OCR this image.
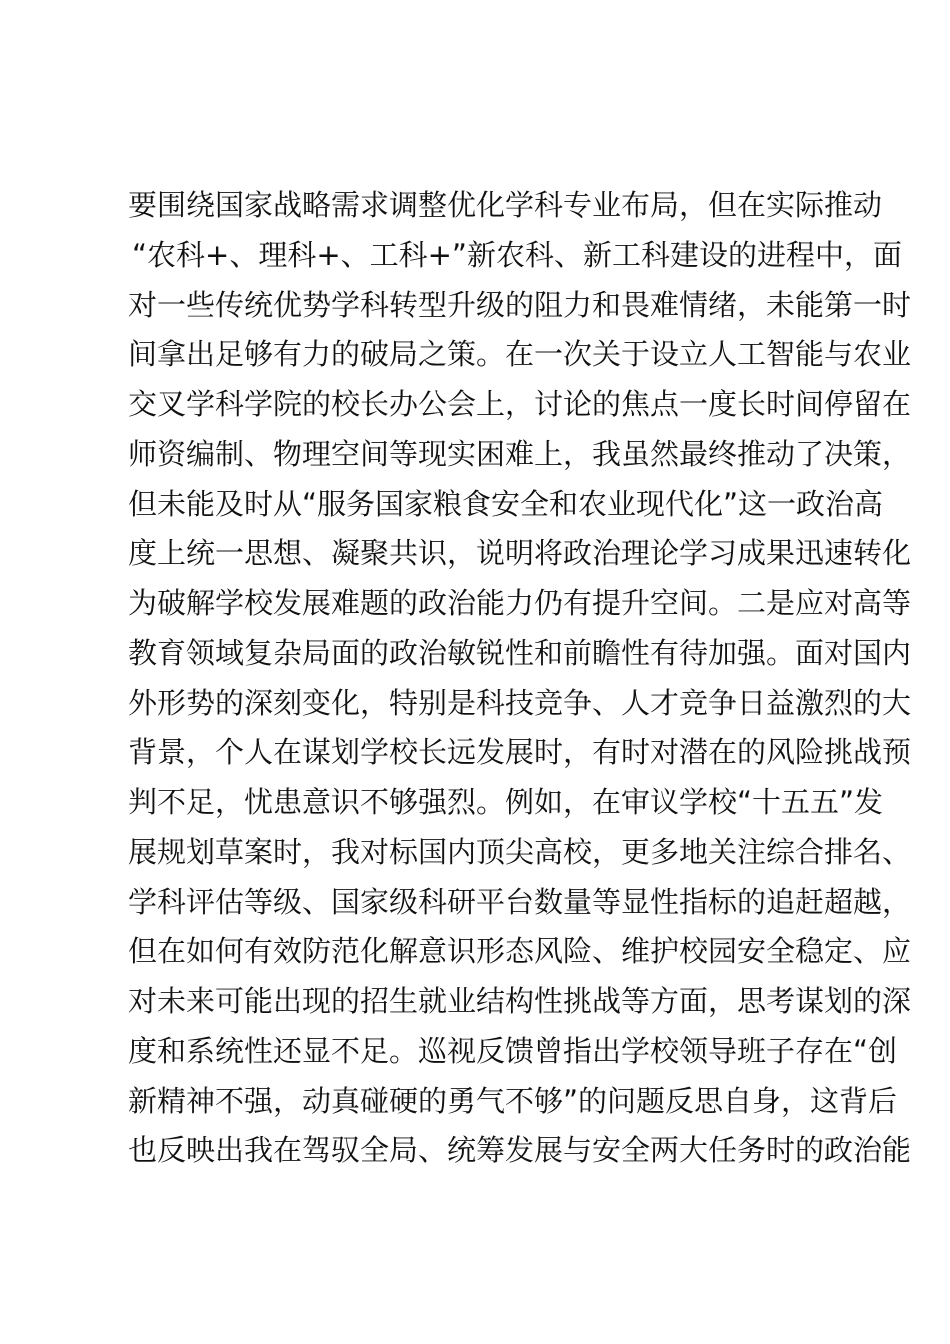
要围绕国家战略需求调整优化学科专业布局，但在实际推动
“农科+、理科+、工科+”新农科、新工科建设的进程中，面
对一些传统优势学科转型升级的阻力和畏难情绪，未能第一时
间拿出足够有力的破局之策。在一次关于设立人工智能与农业
交叉学科学院的校长办公会上，讨论的焦点一度长时间停留在
师资编制、物理空间等现实困难上，我虽然最终推动了决策，
但未能及时从“服务国家粮食安全和农业现代化”这一政治高
度上统一思想、凝聚共识，说明将政治理论学习成果迅速转化
为破解学校发展难题的政治能力仍有提升空间。二是应对高等
教育领域复杂局面的政治敏锐性和前瞻性有待加强。面对国内
外形势的深刻变化，特别是科技竞争、人才竞争日益激烈的大
背景，个人在谋划学校长远发展时，有时对潜在的风险挑战预
判不足，忧患意识不够强烈。例如，在审议学校“十五五”发
展规划草案时，我对标国内顶尖高校，更多地关注综合排名、
学科评估等级、国家级科研平台数量等显性指标的追赶超越，
但在如何有效防范化解意识形态风险、维护校园安全稳定、应
对未来可能出现的招生就业结构性挑战等方面，思考谋划的深
度和系统性还显不足。巡视反馈曾指出学校领导班子存在“创
新精神不强，动真碰硬的勇气不够”的问题反思自身，这背后
也反映出我在驾驭全局、统筹发展与安全两大任务时的政治能
